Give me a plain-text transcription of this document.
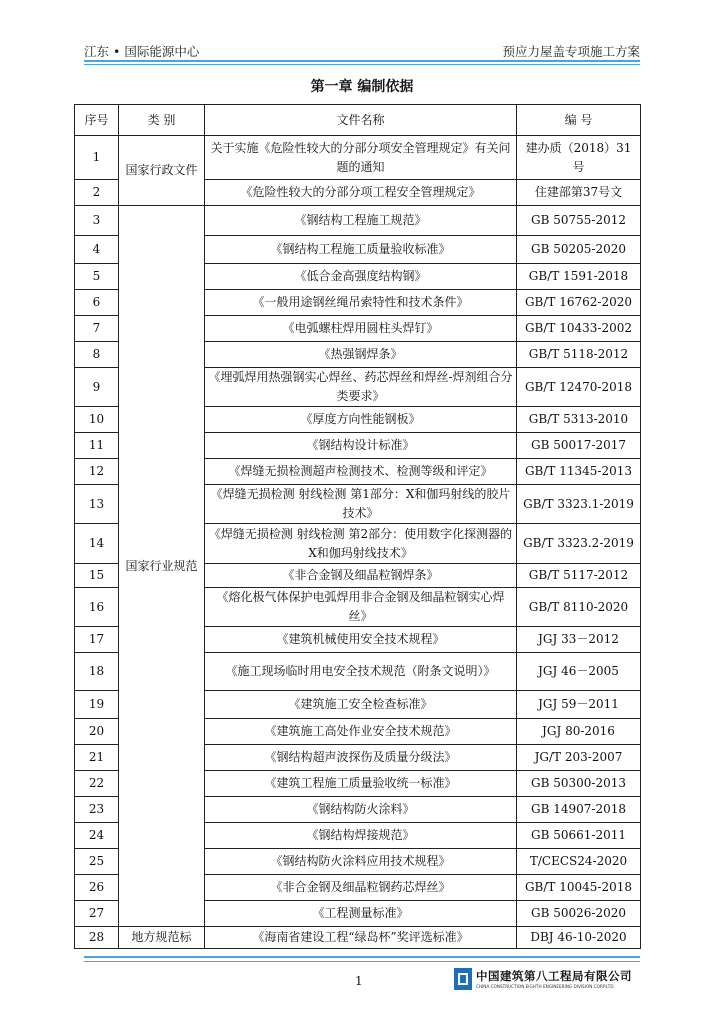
江东 • 国际能源中心	预应力屋盖专项施工方案
第一章 编制依据
序号	类 别	文件名称	编 号
1	国家行政文件	关于实施《危险性较大的分部分项安全管理规定》有关问题的通知	建办质（2018）31号
2		《危险性较大的分部分项工程安全管理规定》	住建部第37号文
3	国家行业规范	《钢结构工程施工规范》	GB 50755-2012
4		《钢结构工程施工质量验收标准》	GB 50205-2020
5		《低合金高强度结构钢》	GB/T 1591-2018
6		《一般用途钢丝绳吊索特性和技术条件》	GB/T 16762-2020
7		《电弧螺柱焊用圆柱头焊钉》	GB/T 10433-2002
8		《热强钢焊条》	GB/T 5118-2012
9		《埋弧焊用热强钢实心焊丝、药芯焊丝和焊丝-焊剂组合分类要求》	GB/T 12470-2018
10		《厚度方向性能钢板》	GB/T 5313-2010
11		《钢结构设计标准》	GB 50017-2017
12		《焊缝无损检测超声检测技术、检测等级和评定》	GB/T 11345-2013
13		《焊缝无损检测 射线检测 第1部分：X和伽玛射线的胶片技术》	GB/T 3323.1-2019
14		《焊缝无损检测 射线检测 第2部分：使用数字化探测器的X和伽玛射线技术》	GB/T 3323.2-2019
15		《非合金钢及细晶粒钢焊条》	GB/T 5117-2012
16		《熔化极气体保护电弧焊用非合金钢及细晶粒钢实心焊丝》	GB/T 8110-2020
17		《建筑机械使用安全技术规程》	JGJ 33－2012
18		《施工现场临时用电安全技术规范（附条文说明）》	JGJ 46－2005
19		《建筑施工安全检查标准》	JGJ 59－2011
20		《建筑施工高处作业安全技术规范》	JGJ 80-2016
21		《钢结构超声波探伤及质量分级法》	JG/T 203-2007
22		《建筑工程施工质量验收统一标准》	GB 50300-2013
23		《钢结构防火涂料》	GB 14907-2018
24		《钢结构焊接规范》	GB 50661-2011
25		《钢结构防火涂料应用技术规程》	T/CECS24-2020
26		《非合金钢及细晶粒钢药芯焊丝》	GB/T 10045-2018
27		《工程测量标准》	GB 50026-2020
28	地方规范标	《海南省建设工程“绿岛杯”奖评选标准》	DBJ 46-10-2020
1	中国建筑第八工程局有限公司
CHINA CONSTRUCTION EIGHTH ENGINEERING DIVISION.CORP.LTD
